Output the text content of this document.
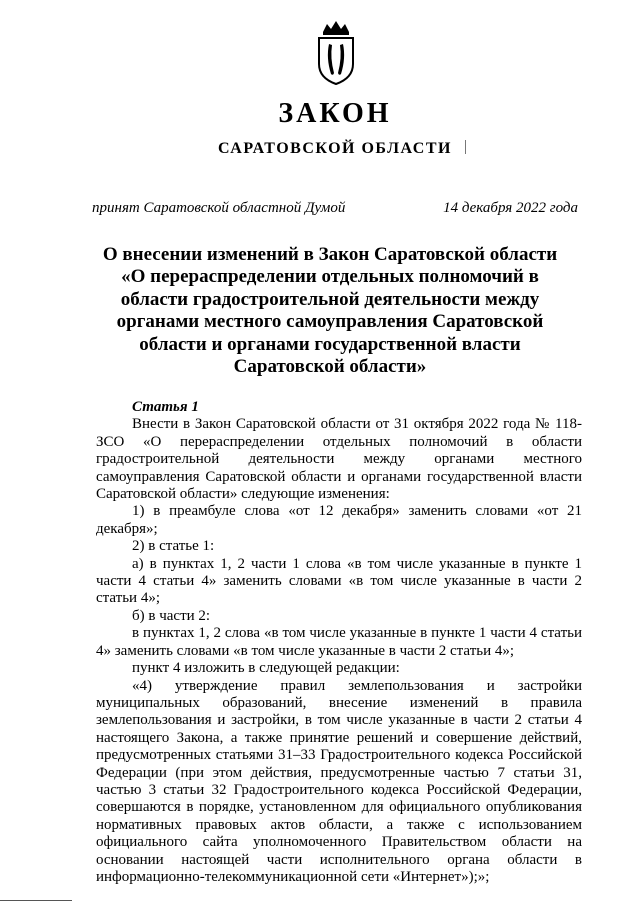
ЗАКОН
САРАТОВСКОЙ ОБЛАСТИ
принят Саратовской областной Думой	14 декабря 2022 года
О внесении изменений в Закон Саратовской области
«О перераспределении отдельных полномочий в
области градостроительной деятельности между
органами местного самоуправления Саратовской
области и органами государственной власти
Саратовской области»

Статья 1

Внести в Закон Саратовской области от 31 октября 2022 года № 118-ЗСО «О перераспределении отдельных полномочий в области градостроительной деятельности между органами местного самоуправления Саратовской области и органами государственной власти Саратовской области» следующие изменения:

1) в преамбуле слова «от 12 декабря» заменить словами «от 21 декабря»;

2) в статье 1:

а) в пунктах 1, 2 части 1 слова «в том числе указанные в пункте 1 части 4 статьи 4» заменить словами «в том числе указанные в части 2 статьи 4»;

б) в части 2:

в пунктах 1, 2 слова «в том числе указанные в пункте 1 части 4 статьи 4» заменить словами «в том числе указанные в части 2 статьи 4»;

пункт 4 изложить в следующей редакции:

«4) утверждение правил землепользования и застройки муниципальных образований, внесение изменений в правила землепользования и застройки, в том числе указанные в части 2 статьи 4 настоящего Закона, а также принятие решений и совершение действий, предусмотренных статьями 31–33 Градостроительного кодекса Российской Федерации (при этом действия, предусмотренные частью 7 статьи 31, частью 3 статьи 32 Градостроительного кодекса Российской Федерации, совершаются в порядке, установленном для официального опубликования нормативных правовых актов области, а также с использованием официального сайта уполномоченного Правительством области на основании настоящей части исполнительного органа области в информационно-телекоммуникационной сети «Интернет»);»;
